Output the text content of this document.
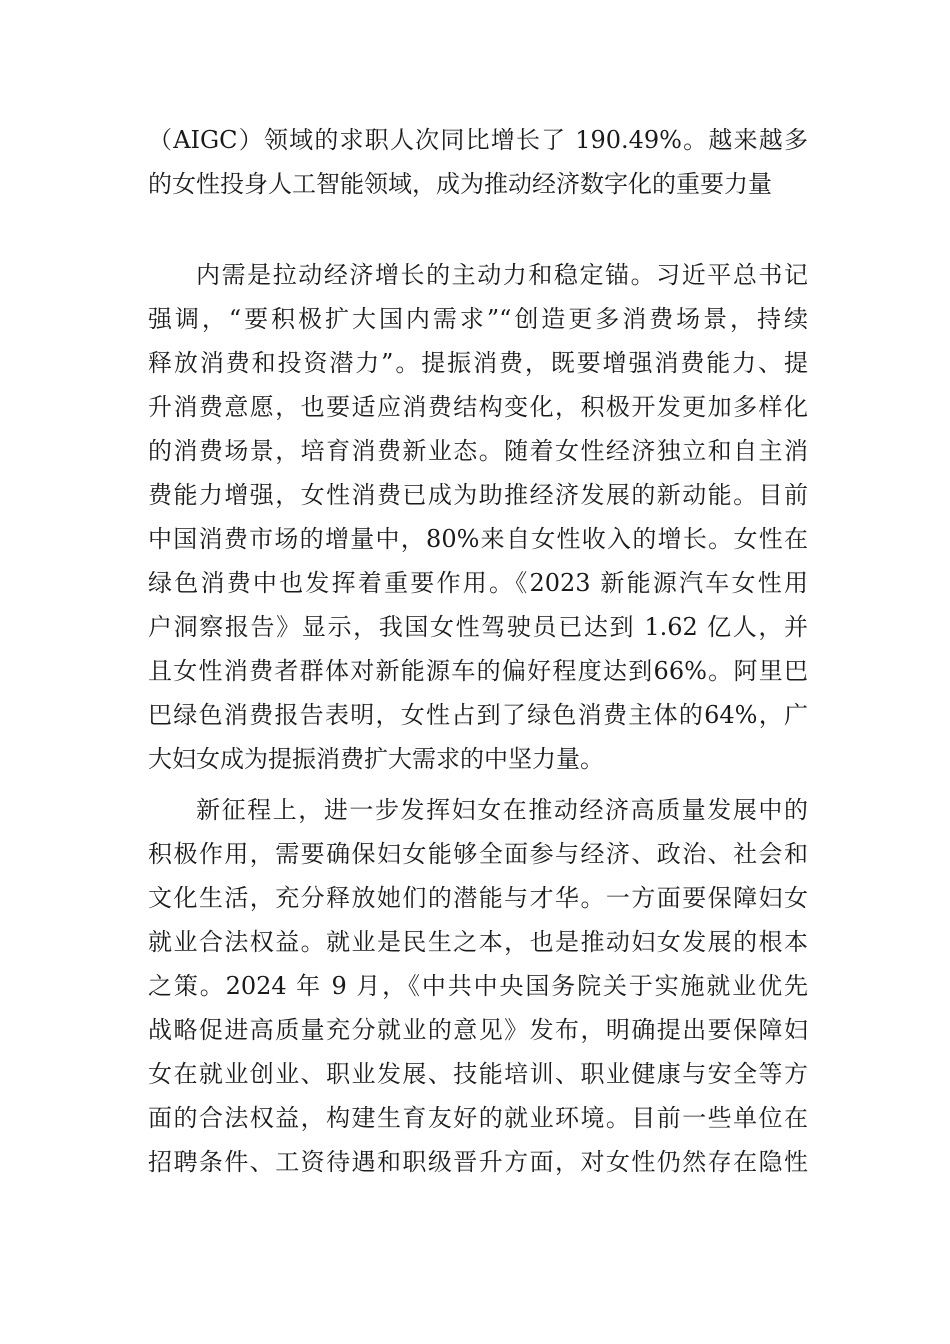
（AIGC）领域的求职人次同比增长了 190.49%。越来越多
的女性投身人工智能领域，成为推动经济数字化的重要力量
内需是拉动经济增长的主动力和稳定锚。习近平总书记
强调，“要积极扩大国内需求”“创造更多消费场景，持续
释放消费和投资潜力”。提振消费，既要增强消费能力、提
升消费意愿，也要适应消费结构变化，积极开发更加多样化
的消费场景，培育消费新业态。随着女性经济独立和自主消
费能力增强，女性消费已成为助推经济发展的新动能。目前
中国消费市场的增量中，80%来自女性收入的增长。女性在
绿色消费中也发挥着重要作用。《2023 新能源汽车女性用
户洞察报告》显示，我国女性驾驶员已达到 1.62 亿人，并
且女性消费者群体对新能源车的偏好程度达到66%。阿里巴
巴绿色消费报告表明，女性占到了绿色消费主体的64%，广
大妇女成为提振消费扩大需求的中坚力量。
新征程上，进一步发挥妇女在推动经济高质量发展中的
积极作用，需要确保妇女能够全面参与经济、政治、社会和
文化生活，充分释放她们的潜能与才华。一方面要保障妇女
就业合法权益。就业是民生之本，也是推动妇女发展的根本
之策。2024 年 9 月，《中共中央国务院关于实施就业优先
战略促进高质量充分就业的意见》发布，明确提出要保障妇
女在就业创业、职业发展、技能培训、职业健康与安全等方
面的合法权益，构建生育友好的就业环境。目前一些单位在
招聘条件、工资待遇和职级晋升方面，对女性仍然存在隐性
